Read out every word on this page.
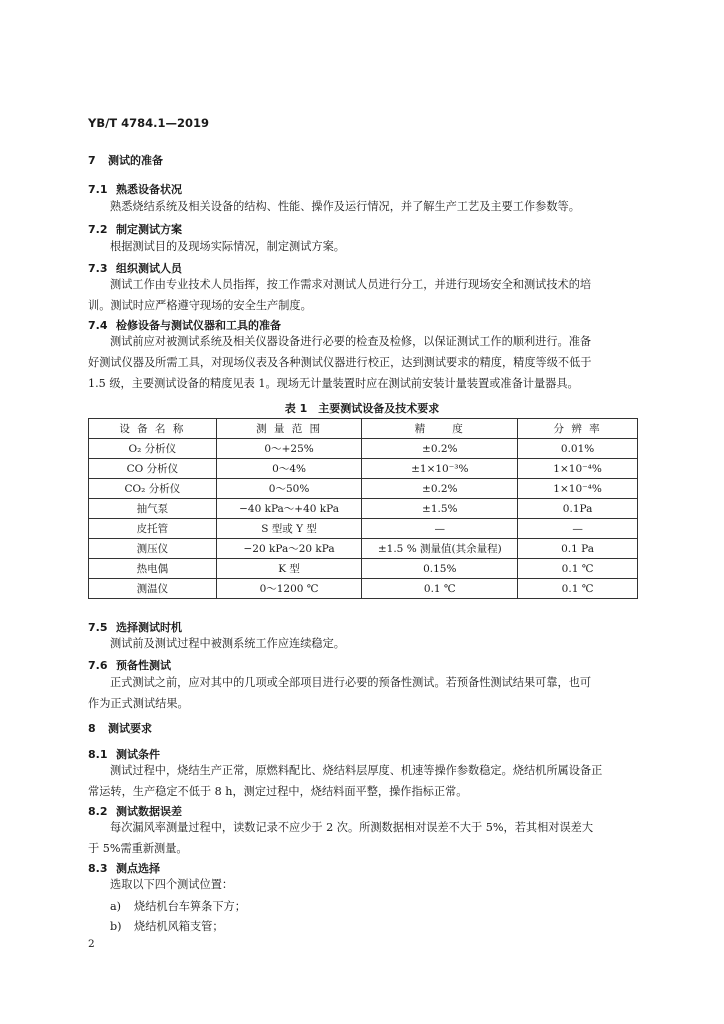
YB/T 4784.1—2019
7 测试的准备
7.1 熟悉设备状况
熟悉烧结系统及相关设备的结构、性能、操作及运行情况，并了解生产工艺及主要工作参数等。
7.2 制定测试方案
根据测试目的及现场实际情况，制定测试方案。
7.3 组织测试人员
测试工作由专业技术人员指挥，按工作需求对测试人员进行分工，并进行现场安全和测试技术的培
训。测试时应严格遵守现场的安全生产制度。
7.4 检修设备与测试仪器和工具的准备
测试前应对被测试系统及相关仪器设备进行必要的检查及检修，以保证测试工作的顺利进行。准备
好测试仪器及所需工具，对现场仪表及各种测试仪器进行校正，达到测试要求的精度，精度等级不低于
1.5 级，主要测试设备的精度见表 1。现场无计量装置时应在测试前安装计量装置或准备计量器具。
表 1　主要测试设备及技术要求
设 备 名 称	测 量 范 围	精　　度	分 辨 率
O₂ 分析仪	0～+25%	±0.2%	0.01%
CO 分析仪	0～4%	±1×10⁻³%	1×10⁻⁴%
CO₂ 分析仪	0～50%	±0.2%	1×10⁻⁴%
抽气泵	−40 kPa～+40 kPa	±1.5%	0.1Pa
皮托管	S 型或 Y 型	—	—
测压仪	−20 kPa～20 kPa	±1.5 % 测量值(其余量程)	0.1 Pa
热电偶	K 型	0.15%	0.1 ℃
测温仪	0～1200 ℃	0.1 ℃	0.1 ℃
7.5 选择测试时机
测试前及测试过程中被测系统工作应连续稳定。
7.6 预备性测试
正式测试之前，应对其中的几项或全部项目进行必要的预备性测试。若预备性测试结果可靠，也可
作为正式测试结果。
8 测试要求
8.1 测试条件
测试过程中，烧结生产正常，原燃料配比、烧结料层厚度、机速等操作参数稳定。烧结机所属设备正
常运转，生产稳定不低于 8 h，测定过程中，烧结料面平整，操作指标正常。
8.2 测试数据误差
每次漏风率测量过程中，读数记录不应少于 2 次。所测数据相对误差不大于 5%，若其相对误差大
于 5%需重新测量。
8.3 测点选择
选取以下四个测试位置：
a) 烧结机台车箅条下方；
b) 烧结机风箱支管；
2
